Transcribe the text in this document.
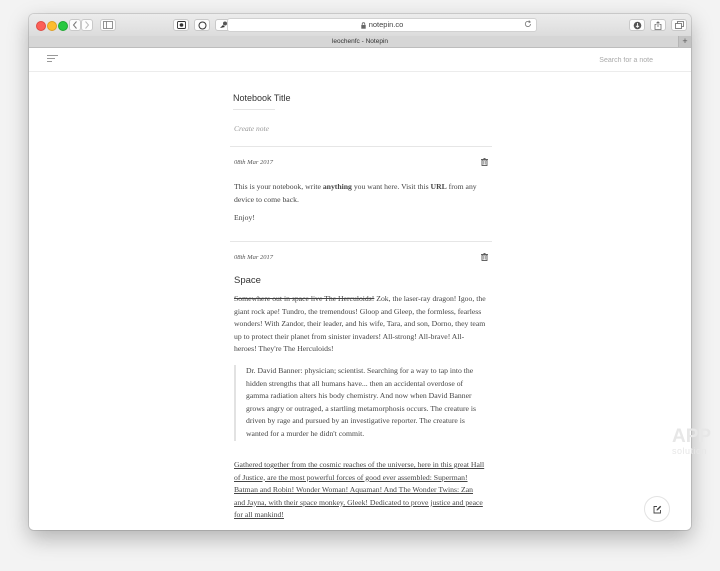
notepin.co
leochenfc - Notepin	+
Search for a note
Notebook Title
Create note
08th Mar 2017

This is your notebook, write anything you want here. Visit this URL from any device to come back.

Enjoy!

08th Mar 2017
Space

Somewhere out in space live The Herculoids! Zok, the laser-ray dragon! Igoo, the giant rock ape! Tundro, the tremendous! Gloop and Gleep, the formless, fearless wonders! With Zandor, their leader, and his wife, Tara, and son, Dorno, they team up to protect their planet from sinister invaders! All-strong! All-brave! All-heroes! They're The Herculoids!

Dr. David Banner: physician; scientist. Searching for a way to tap into the hidden strengths that all humans have... then an accidental overdose of gamma radiation alters his body chemistry. And now when David Banner grows angry or outraged, a startling metamorphosis occurs. The creature is driven by rage and pursued by an investigative reporter. The creature is wanted for a murder he didn't commit.

Gathered together from the cosmic reaches of the universe, here in this great Hall of Justice, are the most powerful forces of good ever assembled: Superman! Batman and Robin! Wonder Woman! Aquaman! And The Wonder Twins: Zan and Jayna, with their space monkey, Gleek! Dedicated to prove justice and peace for all mankind!

APP
solution
